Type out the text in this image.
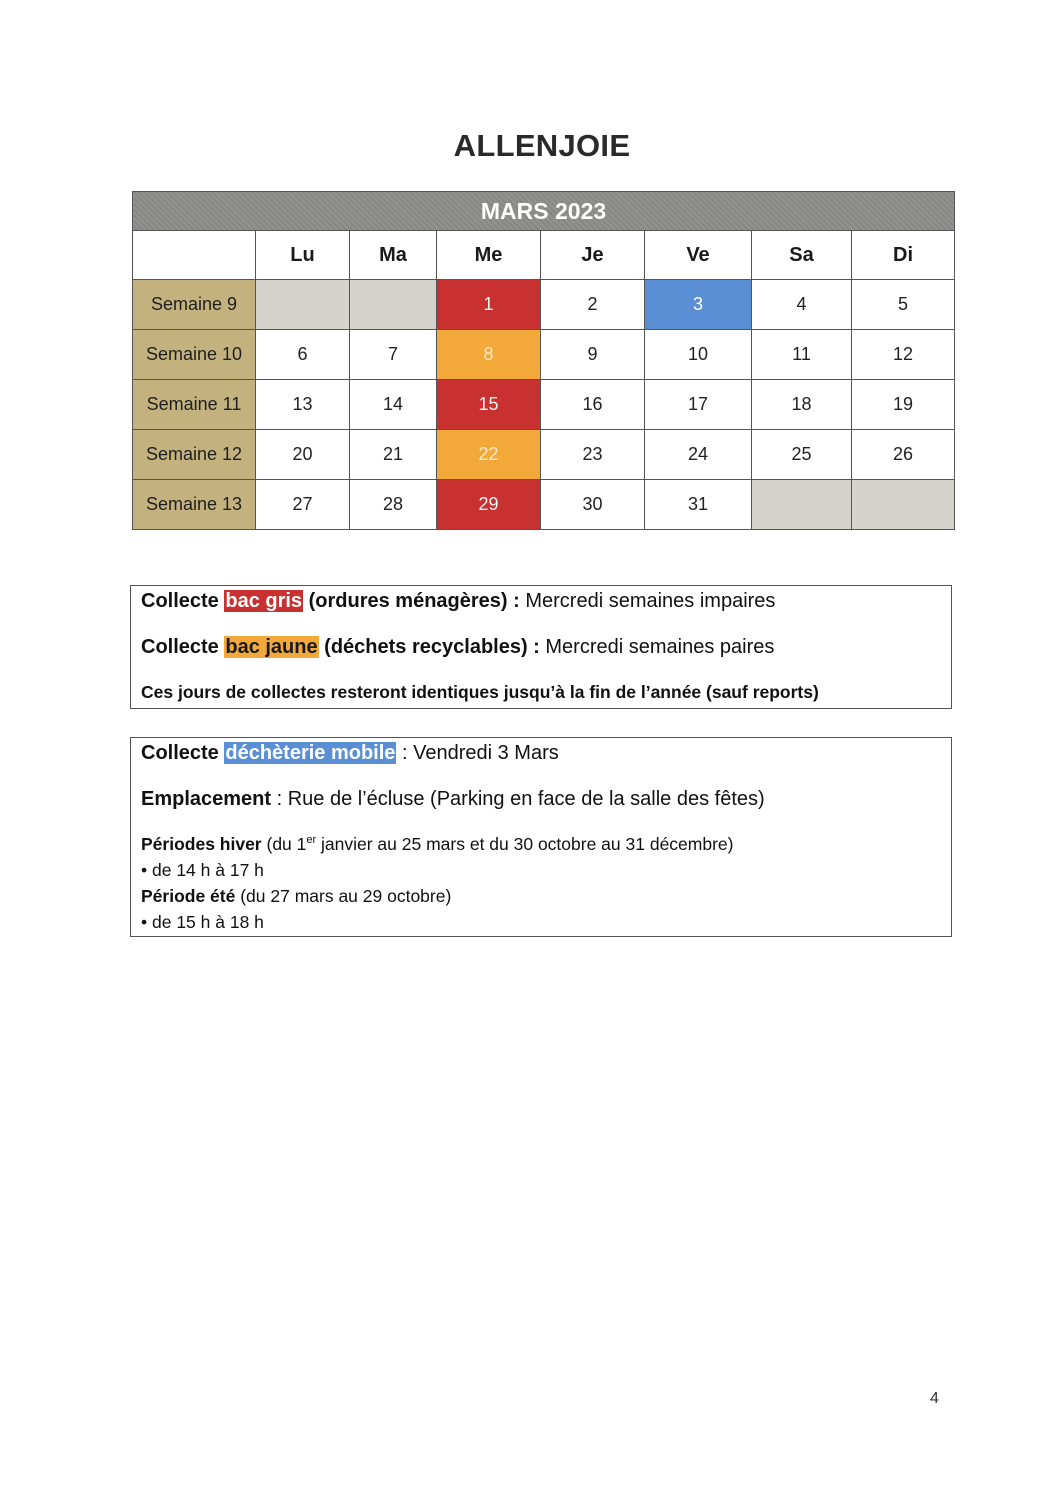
ALLENJOIE
MARS 2023							
	Lu	Ma	Me	Je	Ve	Sa	Di
Semaine 9			1	2	3	4	5
Semaine 10	6	7	8	9	10	11	12
Semaine 11	13	14	15	16	17	18	19
Semaine 12	20	21	22	23	24	25	26
Semaine 13	27	28	29	30	31		
Collecte bac gris (ordures ménagères) : Mercredi semaines impaires
Collecte bac jaune (déchets recyclables) : Mercredi semaines paires
Ces jours de collectes resteront identiques jusqu’à la fin de l’année (sauf reports)
Collecte déchèterie mobile : Vendredi 3 Mars
Emplacement : Rue de l’écluse (Parking en face de la salle des fêtes)
Périodes hiver (du 1er janvier au 25 mars et du 30 octobre au 31 décembre)
• de 14 h à 17 h
Période été (du 27 mars au 29 octobre)
• de 15 h à 18 h
4
